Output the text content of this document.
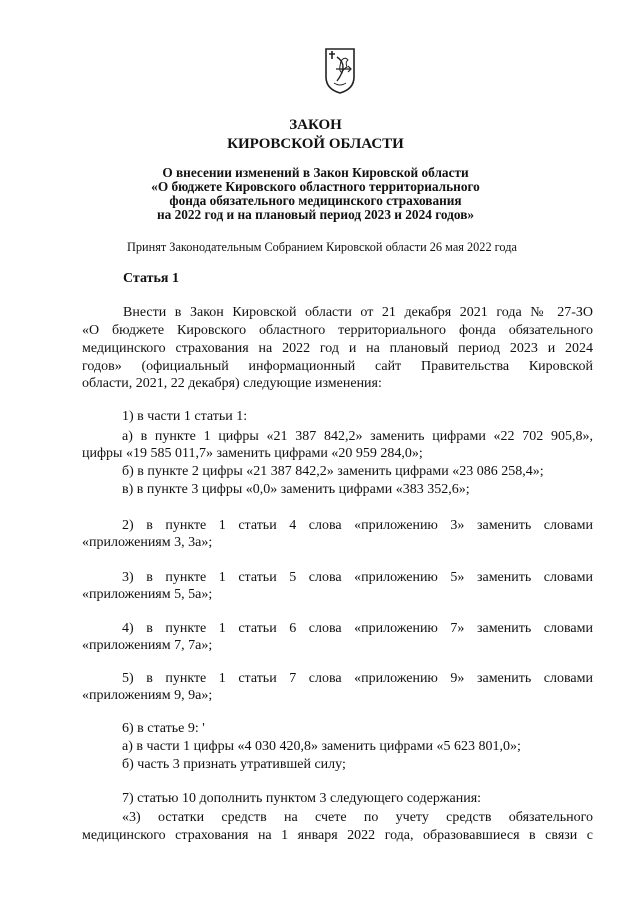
ЗАКОН
КИРОВСКОЙ ОБЛАСТИ
О внесении изменений в Закон Кировской области
«О бюджете Кировского областного территориального
фонда обязательного медицинского страхования
на 2022 год и на плановый период 2023 и 2024 годов»
Принят Законодательным Собранием Кировской области 26 мая 2022 года
Статья 1
Внести в Закон Кировской области от 21 декабря 2021 года № 27-ЗО
«О бюджете Кировского областного территориального фонда обязательного
медицинского страхования на 2022 год и на плановый период 2023 и 2024
годов» (официальный информационный сайт Правительства Кировской
области, 2021, 22 декабря) следующие изменения:
1) в части 1 статьи 1:
а) в пункте 1 цифры «21 387 842,2» заменить цифрами «22 702 905,8»,
цифры «19 585 011,7» заменить цифрами «20 959 284,0»;
б) в пункте 2 цифры «21 387 842,2» заменить цифрами «23 086 258,4»;
в) в пункте 3 цифры «0,0» заменить цифрами «383 352,6»;
2) в пункте 1 статьи 4 слова «приложению 3» заменить словами
«приложениям 3, 3а»;
3) в пункте 1 статьи 5 слова «приложению 5» заменить словами
«приложениям 5, 5а»;
4) в пункте 1 статьи 6 слова «приложению 7» заменить словами
«приложениям 7, 7а»;
5) в пункте 1 статьи 7 слова «приложению 9» заменить словами
«приложениям 9, 9а»;
6) в статье 9: '
а) в части 1 цифры «4 030 420,8» заменить цифрами «5 623 801,0»;
б) часть 3 признать утратившей силу;
7) статью 10 дополнить пунктом 3 следующего содержания:
«3) остатки средств на счете по учету средств обязательного
медицинского страхования на 1 января 2022 года, образовавшиеся в связи с
